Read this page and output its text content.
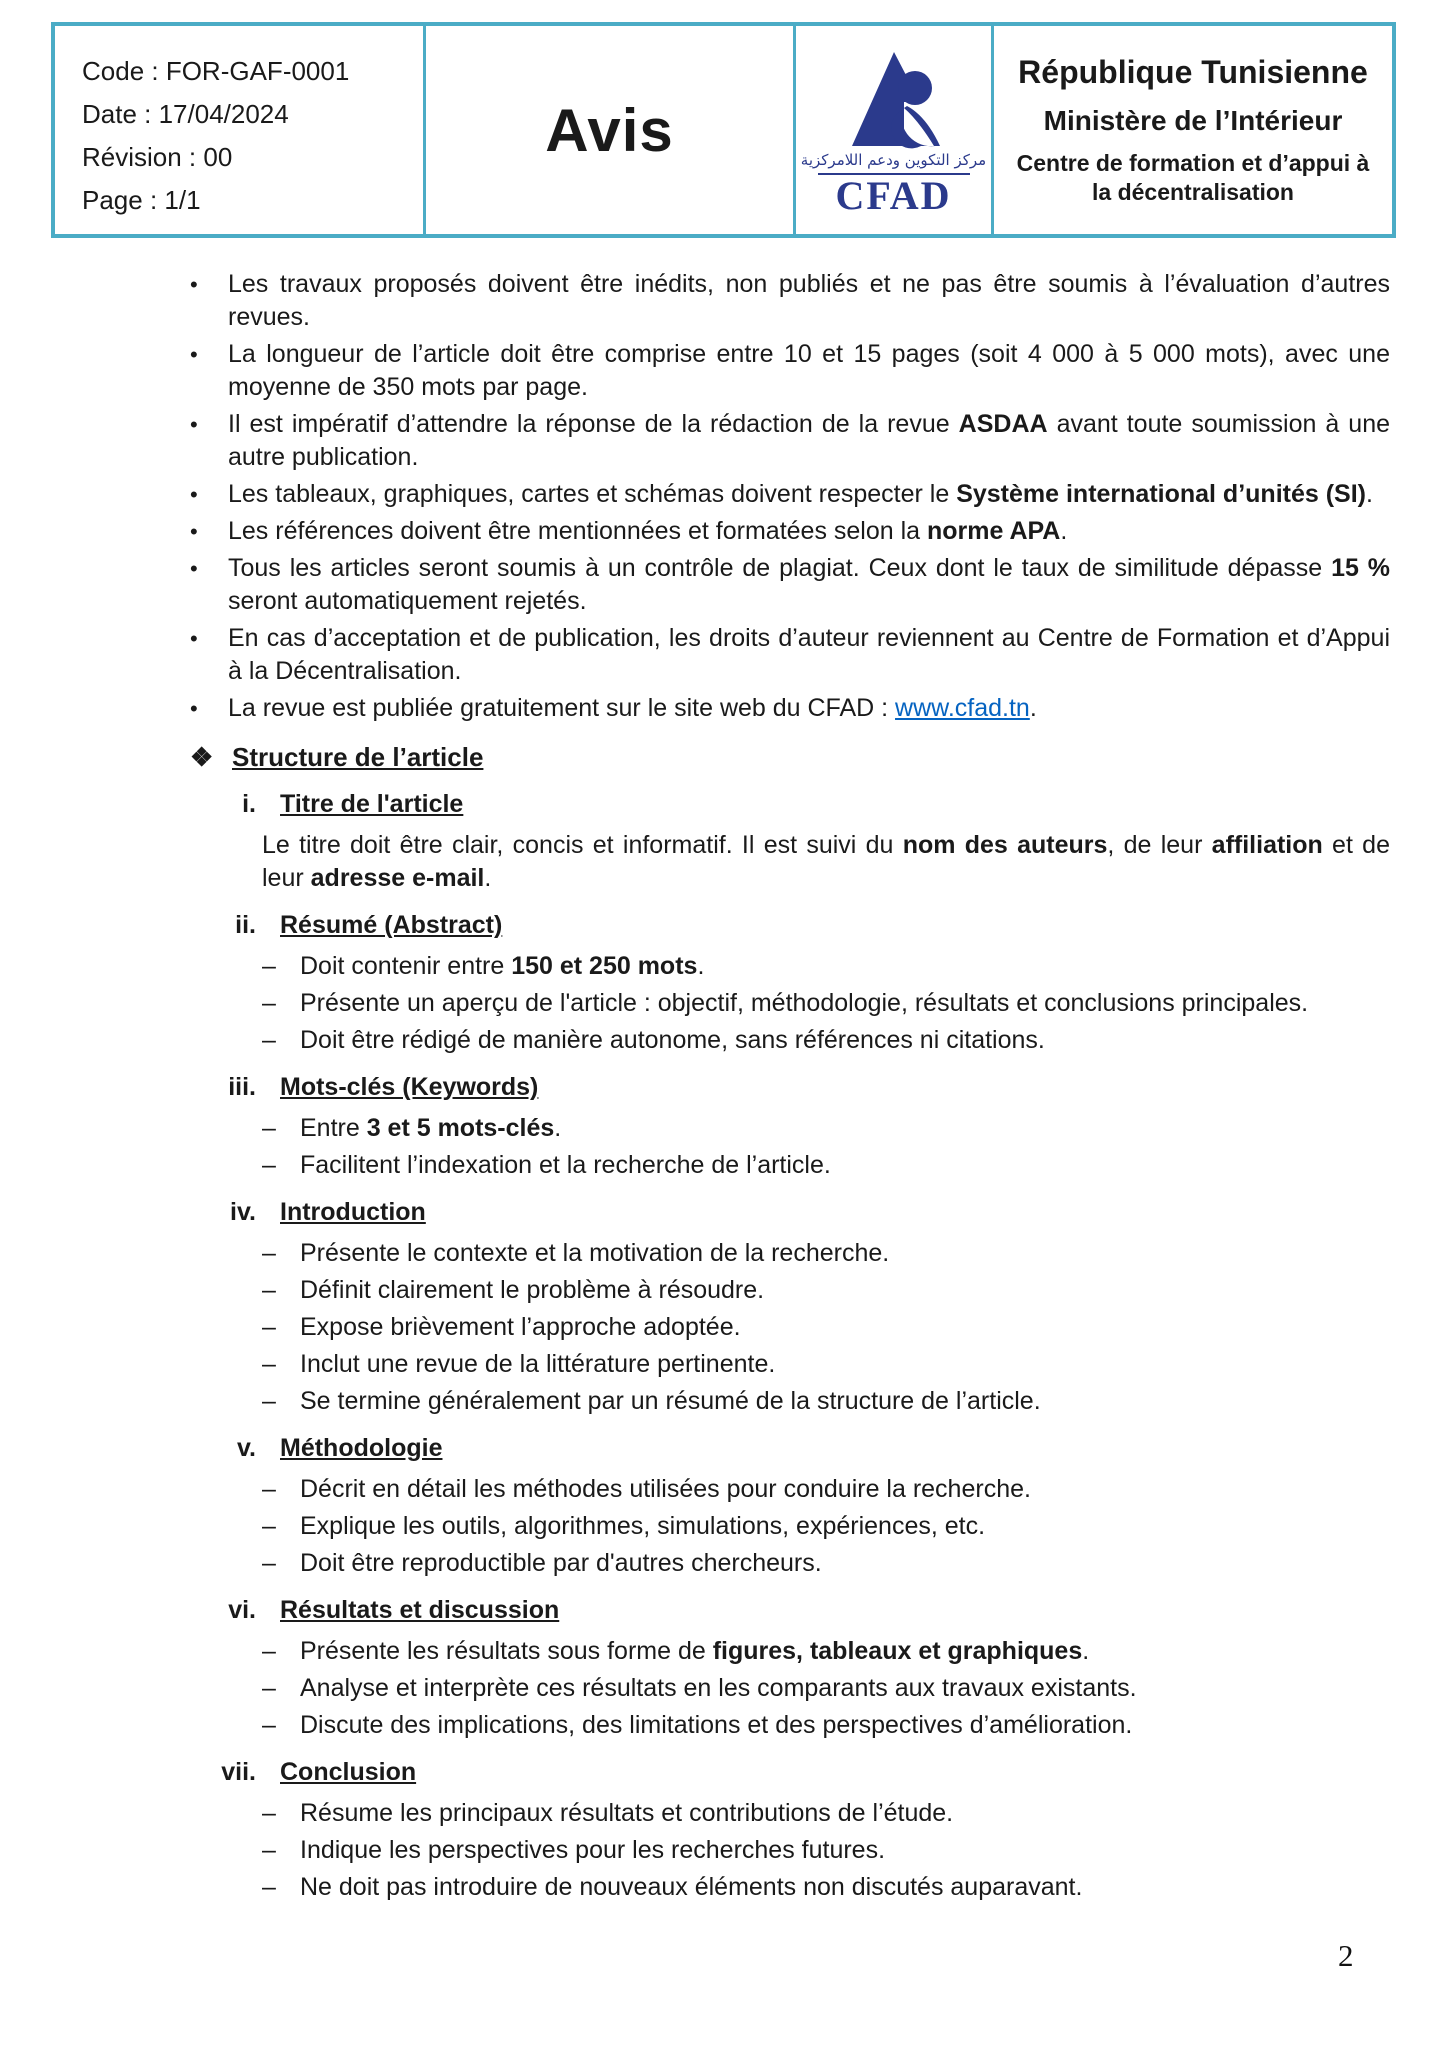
Code : FOR-GAF-0001
Date : 17/04/2024
Révision : 00
Page : 1/1
Avis	مركز التكوين ودعم اللامركزية
CFAD
République Tunisienne
Ministère de l’Intérieur
Centre de formation et d’appui à la décentralisation
•	Les travaux proposés doivent être inédits, non publiés et ne pas être soumis à l’évaluation d’autres revues.
•	La longueur de l’article doit être comprise entre 10 et 15 pages (soit 4 000 à 5 000 mots), avec une moyenne de 350 mots par page.
•	Il est impératif d’attendre la réponse de la rédaction de la revue ASDAA avant toute soumission à une autre publication.
•	Les tableaux, graphiques, cartes et schémas doivent respecter le Système international d’unités (SI).
•	Les références doivent être mentionnées et formatées selon la norme APA.
•	Tous les articles seront soumis à un contrôle de plagiat. Ceux dont le taux de similitude dépasse 15 % seront automatiquement rejetés.
•	En cas d’acceptation et de publication, les droits d’auteur reviennent au Centre de Formation et d’Appui à la Décentralisation.
•	La revue est publiée gratuitement sur le site web du CFAD : www.cfad.tn.
❖ Structure de l’article
i. Titre de l'article
Le titre doit être clair, concis et informatif. Il est suivi du nom des auteurs, de leur affiliation et de leur adresse e-mail.
ii. Résumé (Abstract)
– Doit contenir entre 150 et 250 mots.
– Présente un aperçu de l'article : objectif, méthodologie, résultats et conclusions principales.
– Doit être rédigé de manière autonome, sans références ni citations.
iii. Mots-clés (Keywords)
– Entre 3 et 5 mots-clés.
– Facilitent l’indexation et la recherche de l’article.
iv. Introduction
– Présente le contexte et la motivation de la recherche.
– Définit clairement le problème à résoudre.
– Expose brièvement l’approche adoptée.
– Inclut une revue de la littérature pertinente.
– Se termine généralement par un résumé de la structure de l’article.
v. Méthodologie
– Décrit en détail les méthodes utilisées pour conduire la recherche.
– Explique les outils, algorithmes, simulations, expériences, etc.
– Doit être reproductible par d'autres chercheurs.
vi. Résultats et discussion
– Présente les résultats sous forme de figures, tableaux et graphiques.
– Analyse et interprète ces résultats en les comparants aux travaux existants.
– Discute des implications, des limitations et des perspectives d’amélioration.
vii. Conclusion
– Résume les principaux résultats et contributions de l’étude.
– Indique les perspectives pour les recherches futures.
– Ne doit pas introduire de nouveaux éléments non discutés auparavant.
2
